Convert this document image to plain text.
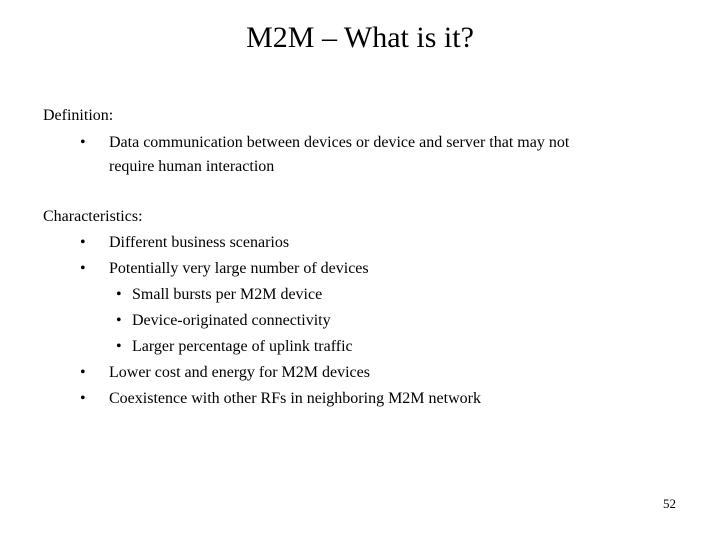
M2M – What is it?
Definition:
• Data communication between devices or device and server that may not
require human interaction
Characteristics:
• Different business scenarios
• Potentially very large number of devices
• Small bursts per M2M device
• Device-originated connectivity
• Larger percentage of uplink traffic
• Lower cost and energy for M2M devices
• Coexistence with other RFs in neighboring M2M network
52
